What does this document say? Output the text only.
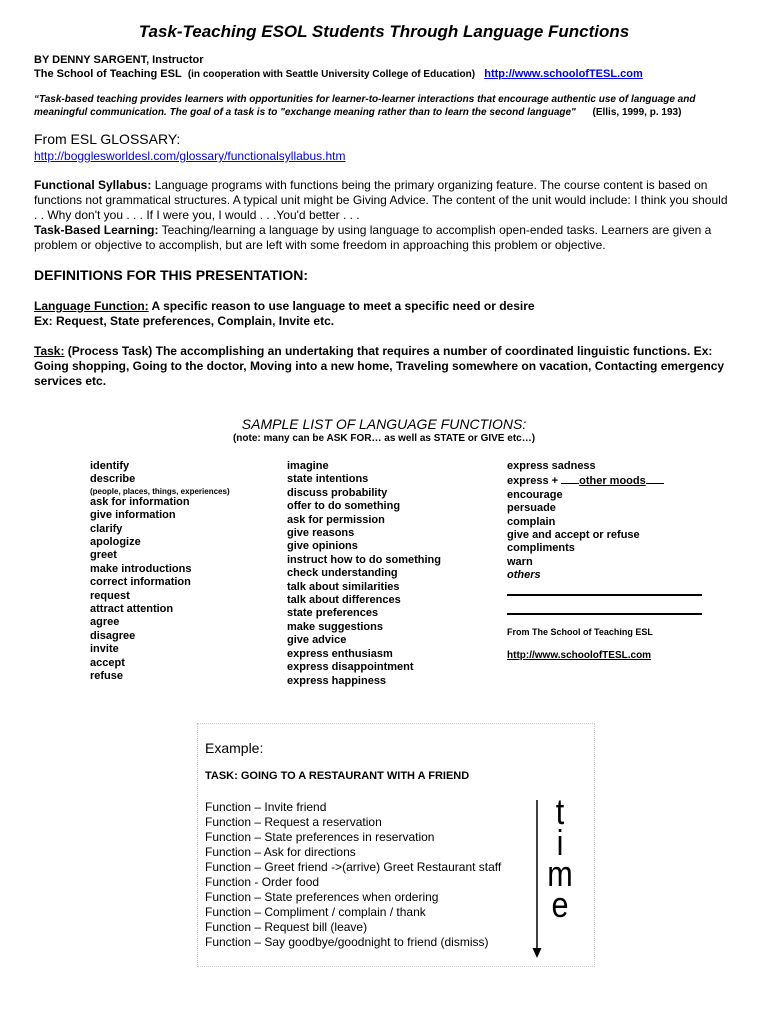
Task-Teaching ESOL Students Through Language Functions
BY DENNY SARGENT, Instructor
The School of Teaching ESL (in cooperation with Seattle University College of Education) http://www.schoolofTESL.com
“Task-based teaching provides learners with opportunities for learner-to-learner interactions that encourage authentic use of language and meaningful communication. The goal of a task is to "exchange meaning rather than to learn the second language" (Ellis, 1999, p. 193)
From ESL GLOSSARY:
http://bogglesworldesl.com/glossary/functionalsyllabus.htm
Functional Syllabus: Language programs with functions being the primary organizing feature. The course content is based on functions not grammatical structures. A typical unit might be Giving Advice. The content of the unit would include: I think you should . . Why don't you . . . If I were you, I would . . .You'd better . . .
Task-Based Learning: Teaching/learning a language by using language to accomplish open-ended tasks. Learners are given a problem or objective to accomplish, but are left with some freedom in approaching this problem or objective.
DEFINITIONS FOR THIS PRESENTATION:
Language Function: A specific reason to use language to meet a specific need or desire
Ex: Request, State preferences, Complain, Invite etc.
Task: (Process Task) The accomplishing an undertaking that requires a number of coordinated linguistic functions. Ex: Going shopping, Going to the doctor, Moving into a new home, Traveling somewhere on vacation, Contacting emergency services etc.
SAMPLE LIST OF LANGUAGE FUNCTIONS:
(note: many can be ASK FOR… as well as STATE or GIVE etc…)
identify
describe
(people, places, things, experiences)
ask for information
give information
clarify
apologize
greet
make introductions
correct information
request
attract attention
agree
disagree
invite
accept
refuse
imagine
state intentions
discuss probability
offer to do something
ask for permission
give reasons
give opinions
instruct how to do something
check understanding
talk about similarities
talk about differences
state preferences
make suggestions
give advice
express enthusiasm
express disappointment
express happiness
express sadness
express + other moods
encourage
persuade
complain
give and accept or refuse
compliments
warn
others
From The School of Teaching ESL
http://www.schoolofTESL.com
Example:
TASK: GOING TO A RESTAURANT WITH A FRIEND
Function – Invite friend
Function – Request a reservation
Function – State preferences in reservation
Function – Ask for directions
Function – Greet friend ->(arrive) Greet Restaurant staff
Function - Order food
Function – State preferences when ordering
Function – Compliment / complain / thank
Function – Request bill (leave)
Function – Say goodbye/goodnight to friend (dismiss)
t
i
m
e
